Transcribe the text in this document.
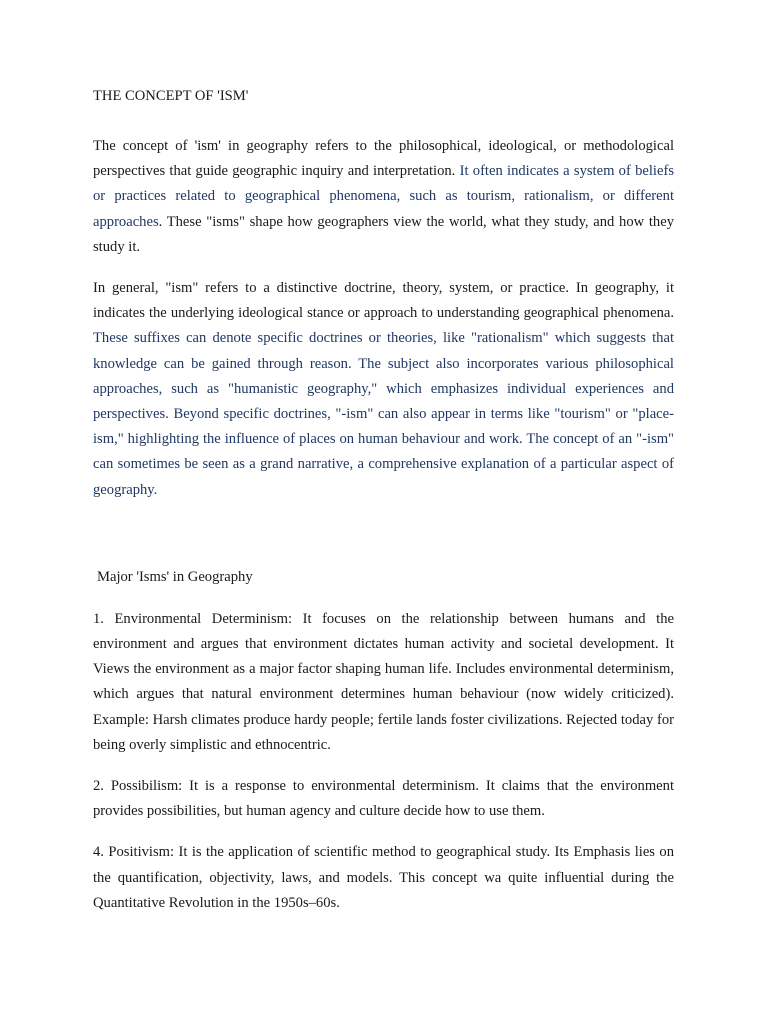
THE CONCEPT OF 'ISM'

The concept of 'ism' in geography refers to the philosophical, ideological, or methodological perspectives that guide geographic inquiry and interpretation. It often indicates a system of beliefs or practices related to geographical phenomena, such as tourism, rationalism, or different approaches. These "isms" shape how geographers view the world, what they study, and how they study it.

In general, "ism" refers to a distinctive doctrine, theory, system, or practice. In geography, it indicates the underlying ideological stance or approach to understanding geographical phenomena. These suffixes can denote specific doctrines or theories, like "rationalism" which suggests that knowledge can be gained through reason. The subject also incorporates various philosophical approaches, such as "humanistic geography," which emphasizes individual experiences and perspectives. Beyond specific doctrines, "-ism" can also appear in terms like "tourism" or "place-ism," highlighting the influence of places on human behaviour and work. The concept of an "-ism" can sometimes be seen as a grand narrative, a comprehensive explanation of a particular aspect of geography.

Major 'Isms' in Geography

1. Environmental Determinism: It focuses on the relationship between humans and the environment and argues that environment dictates human activity and societal development. It Views the environment as a major factor shaping human life. Includes environmental determinism, which argues that natural environment determines human behaviour (now widely criticized). Example: Harsh climates produce hardy people; fertile lands foster civilizations. Rejected today for being overly simplistic and ethnocentric.

2. Possibilism: It is a response to environmental determinism. It claims that the environment provides possibilities, but human agency and culture decide how to use them.

4. Positivism: It is the application of scientific method to geographical study. Its Emphasis lies on the quantification, objectivity, laws, and models. This concept wa quite influential during the Quantitative Revolution in the 1950s–60s.
